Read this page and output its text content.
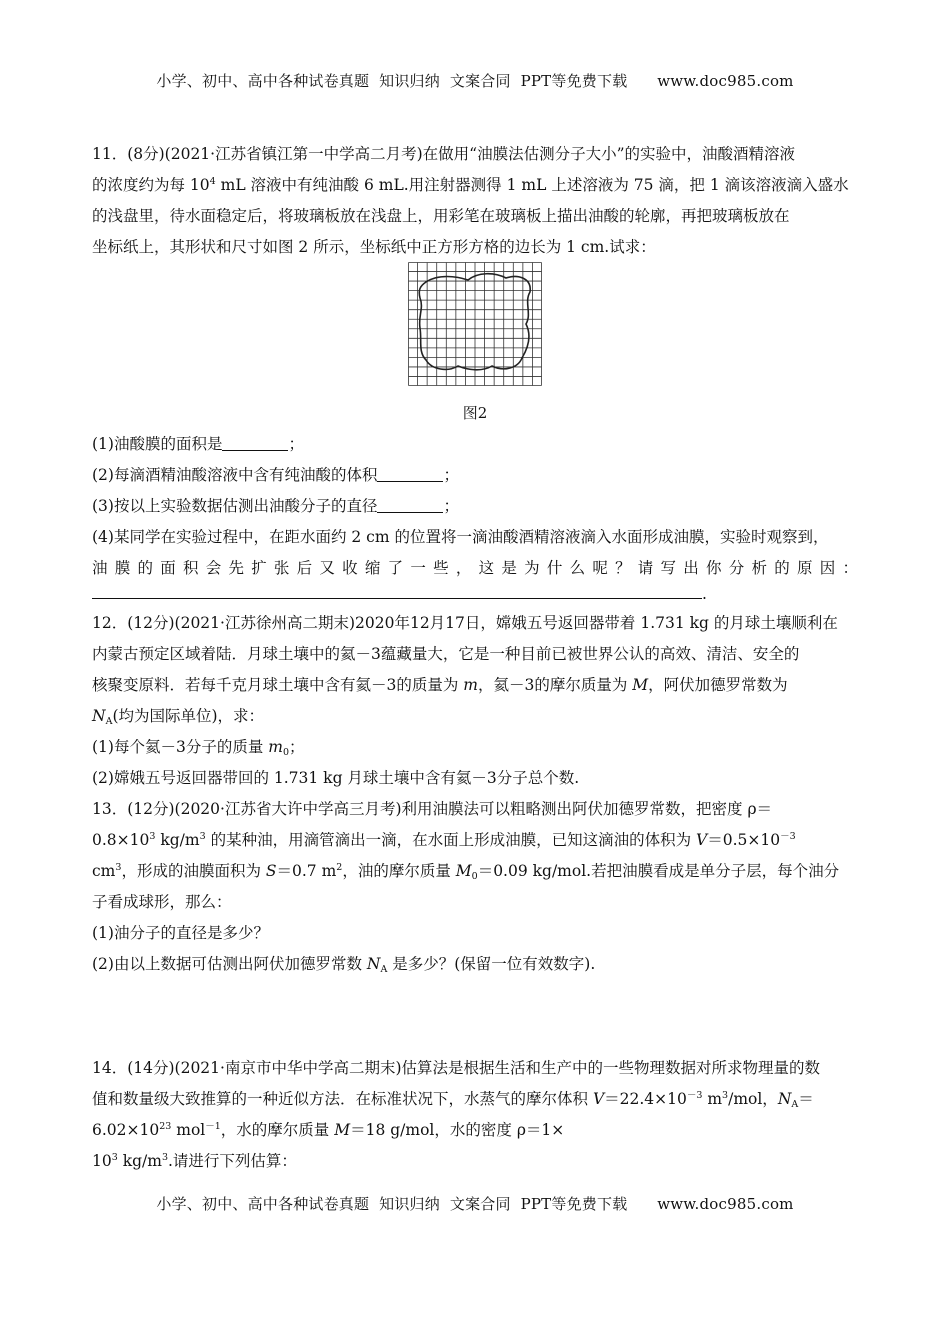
小学、初中、高中各种试卷真题  知识归纳  文案合同  PPT等免费下载      www.doc985.com
11．(8分)(2021·江苏省镇江第一中学高二月考)在做用“油膜法估测分子大小”的实验中，油酸酒精溶液
的浓度约为每 $10^4$ mL 溶液中有纯油酸 6 mL.用注射器测得 1 mL 上述溶液为 75 滴，把 1 滴该溶液滴入盛水
的浅盘里，待水面稳定后，将玻璃板放在浅盘上，用彩笔在玻璃板上描出油酸的轮廓，再把玻璃板放在
坐标纸上，其形状和尺寸如图 2 所示，坐标纸中正方形方格的边长为 1 cm.试求：
图2
(1)油酸膜的面积是	；
(2)每滴酒精油酸溶液中含有纯油酸的体积	；
(3)按以上实验数据估测出油酸分子的直径	；
(4)某同学在实验过程中，在距水面约 2 cm 的位置将一滴油酸酒精溶液滴入水面形成油膜，实验时观察到，
油膜的面积会先扩张后又收缩了一些，这是为什么呢？请写出你分析的原因：
.
12．(12分)(2021·江苏徐州高二期末)2020年12月17日，嫦娥五号返回器带着 1.731 kg 的月球土壤顺利在
内蒙古预定区域着陆．月球土壤中的氦－3蕴藏量大，它是一种目前已被世界公认的高效、清洁、安全的
核聚变原料．若每千克月球土壤中含有氦－3的质量为 m，氦－3的摩尔质量为 M，阿伏加德罗常数为
$N_A$(均为国际单位)，求：
(1)每个氦－3分子的质量 $m_0$；
(2)嫦娥五号返回器带回的 1.731 kg 月球土壤中含有氦－3分子总个数.
13．(12分)(2020·江苏省大许中学高三月考)利用油膜法可以粗略测出阿伏加德罗常数，把密度 ρ＝
$0.8\times 10^3$ $kg/m^3$ 的某种油，用滴管滴出一滴，在水面上形成油膜，已知这滴油的体积为 $V=0.5\times 10^{-3}$
$cm^3$，形成的油膜面积为 S＝0.7 $m^2$，油的摩尔质量 $M_0=0.09$ kg/mol.若把油膜看成是单分子层，每个油分
子看成球形，那么：
(1)油分子的直径是多少？
(2)由以上数据可估测出阿伏加德罗常数 $N_A$ 是多少？(保留一位有效数字).
14．(14分)(2021·南京市中华中学高二期末)估算法是根据生活和生产中的一些物理数据对所求物理量的数
值和数量级大致推算的一种近似方法．在标准状况下，水蒸气的摩尔体积 $V=22.4\times 10^{-3}$ $m^3$/mol，$N_A=$
$6.02\times 10^{23}$ mol$^{-1}$，水的摩尔质量 M＝18 g/mol，水的密度 ρ＝1×
$10^3$ $kg/m^3$.请进行下列估算：
小学、初中、高中各种试卷真题  知识归纳  文案合同  PPT等免费下载      www.doc985.com
